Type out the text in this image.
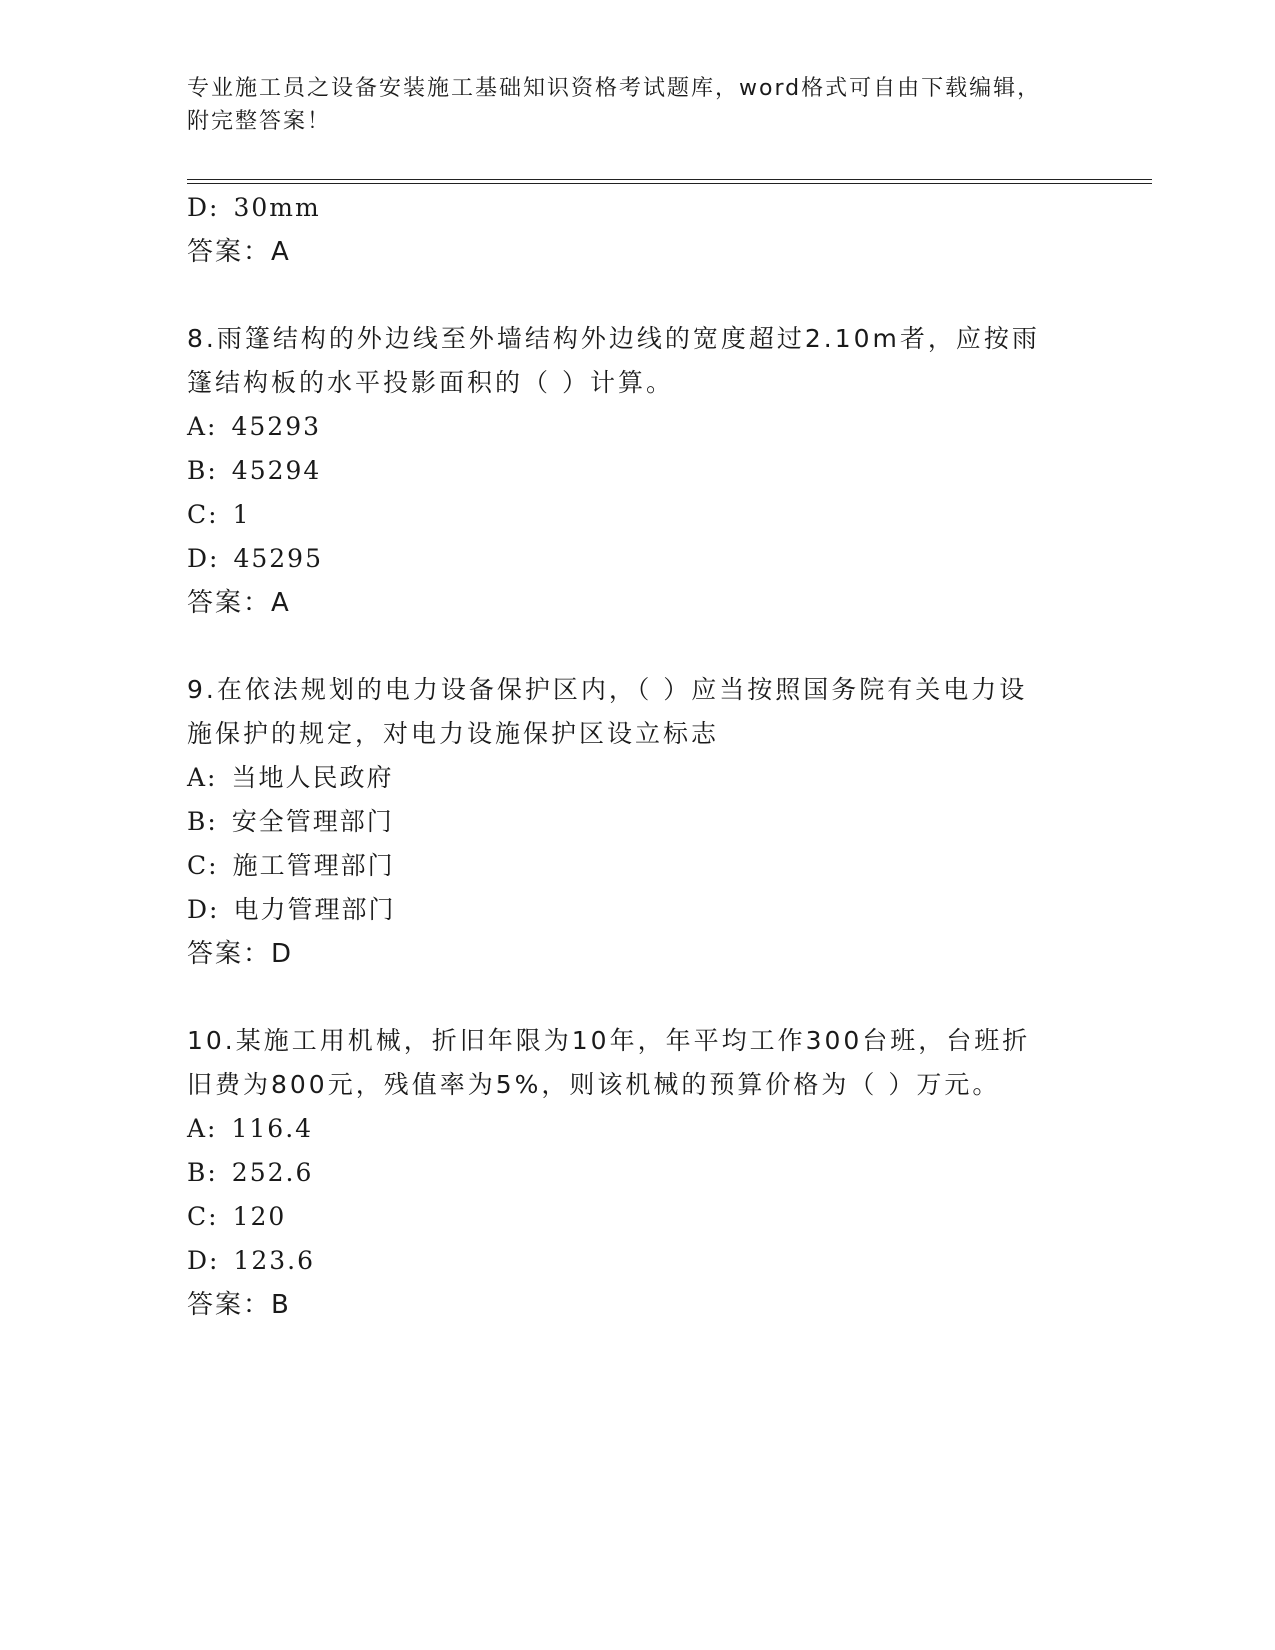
专业施工员之设备安装施工基础知识资格考试题库，word格式可自由下载编辑，
附完整答案！
D: 30mm
答案：A
8.雨篷结构的外边线至外墙结构外边线的宽度超过2.10m者，应按雨
篷结构板的水平投影面积的（ ）计算。
A: 45293
B: 45294
C: 1
D: 45295
答案：A
9.在依法规划的电力设备保护区内，（ ）应当按照国务院有关电力设
施保护的规定，对电力设施保护区设立标志
A: 当地人民政府
B: 安全管理部门
C: 施工管理部门
D: 电力管理部门
答案：D
10.某施工用机械，折旧年限为10年，年平均工作300台班，台班折
旧费为800元，残值率为5%，则该机械的预算价格为（ ）万元。
A: 116.4
B: 252.6
C: 120
D: 123.6
答案：B
